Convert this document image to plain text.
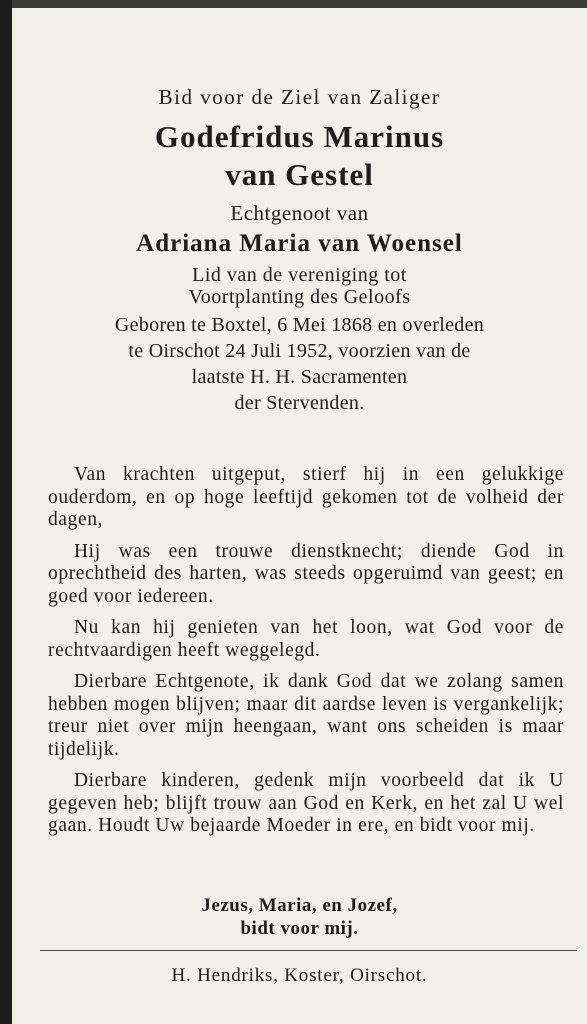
Bid voor de Ziel van Zaliger
Godefridus Marinus
van Gestel
Echtgenoot van
Adriana Maria van Woensel
Lid van de vereniging tot
Voortplanting des Geloofs
Geboren te Boxtel, 6 Mei 1868 en overleden
te Oirschot 24 Juli 1952, voorzien van de
laatste H. H. Sacramenten
der Stervenden.

Van krachten uitgeput, stierf hij in een gelukkige ouderdom, en op hoge leeftijd gekomen tot de volheid der dagen,

Hij was een trouwe dienstknecht; diende God in oprechtheid des harten, was steeds opgeruimd van geest; en goed voor iedereen.

Nu kan hij genieten van het loon, wat God voor de rechtvaardigen heeft weggelegd.

Dierbare Echtgenote, ik dank God dat we zolang samen hebben mogen blijven; maar dit aardse leven is vergankelijk; treur niet over mijn heengaan, want ons scheiden is maar tijdelijk.

Dierbare kinderen, gedenk mijn voorbeeld dat ik U gegeven heb; blijft trouw aan God en Kerk, en het zal U wel gaan. Houdt Uw bejaarde Moeder in ere, en bidt voor mij.

Jezus, Maria, en Jozef,
bidt voor mij.
H. Hendriks, Koster, Oirschot.
